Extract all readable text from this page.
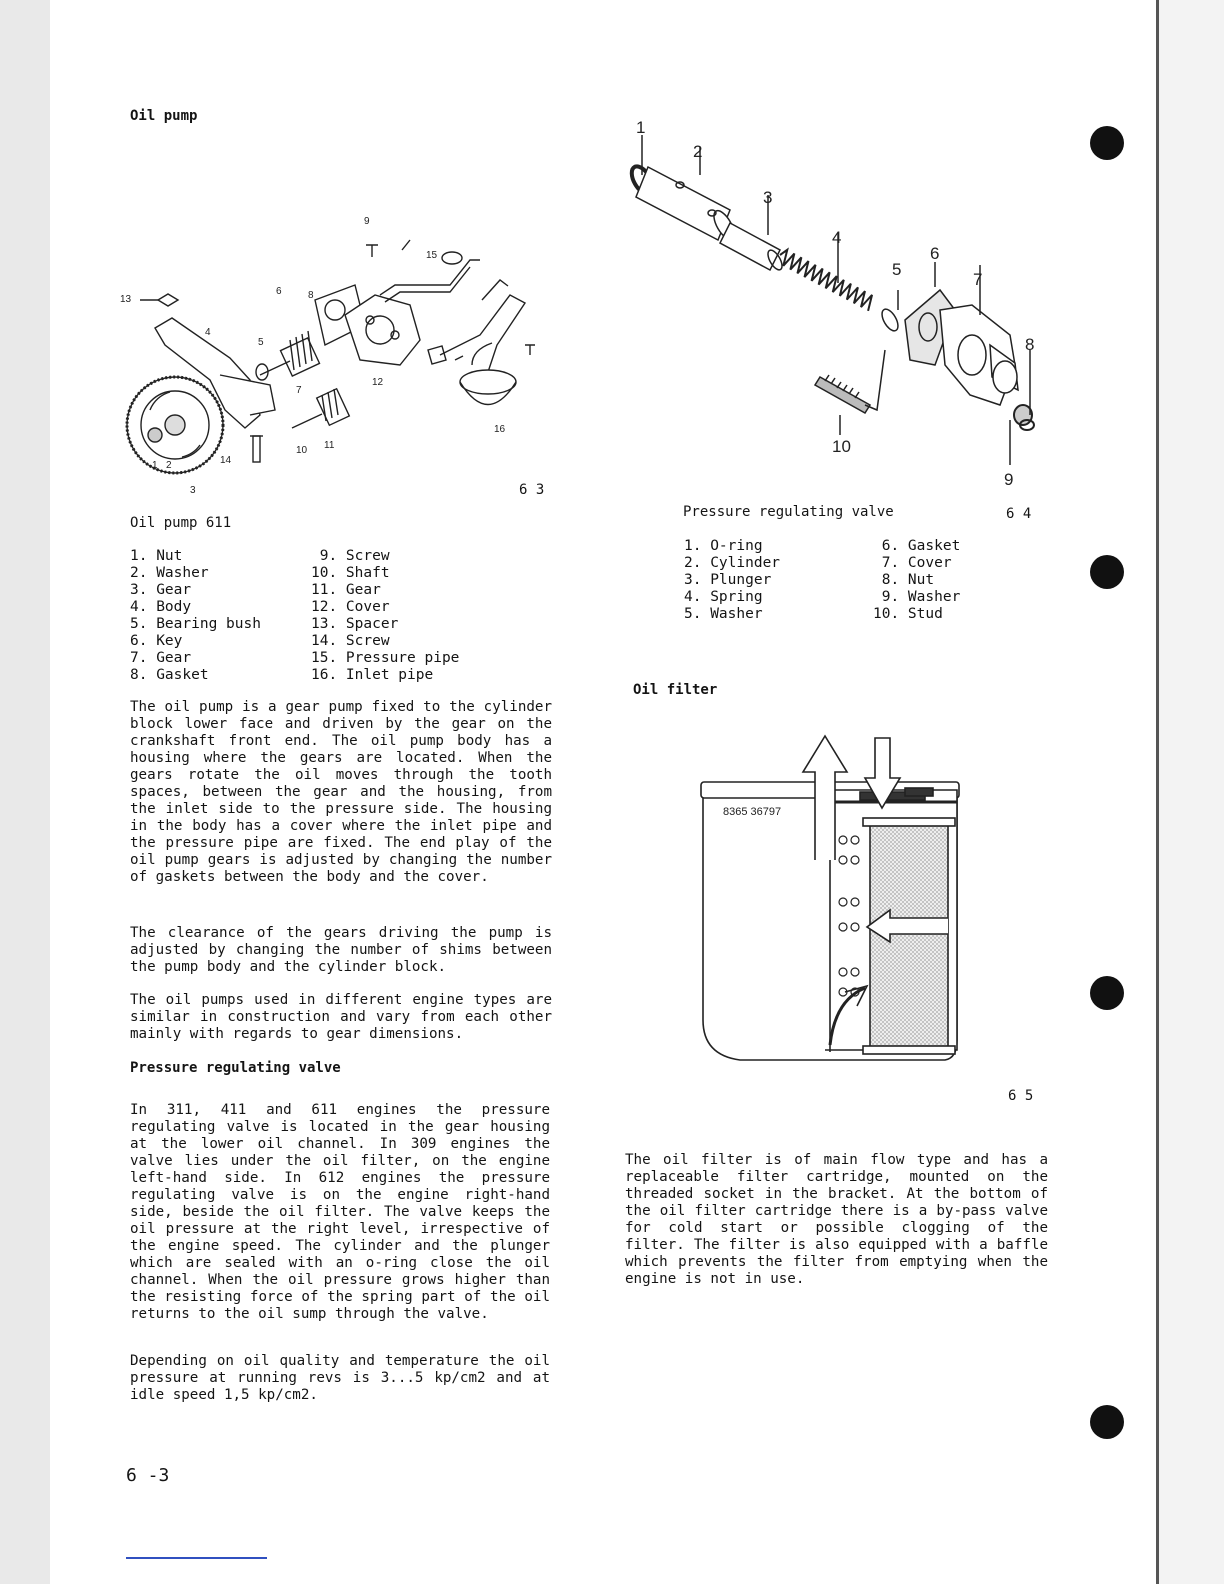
Oil pump
13
1 2
3
4
5
6
7
8
9
10 11
12
14
15
16
6 3
Oil pump 611
1. Nut
2. Washer
3. Gear
4. Body
5. Bearing bush
6. Key
7. Gear
8. Gasket
9. Screw
10. Shaft
11. Gear
12. Cover
13. Spacer
14. Screw
15. Pressure pipe
16. Inlet pipe
The oil pump is a gear pump fixed to the cylinder block lower face and driven by the gear on the crankshaft front end. The oil pump body has a housing where the gears are located. When the gears rotate the oil moves through the tooth spaces, between the gear and the housing, from the inlet side to the pressure side. The housing in the body has a cover where the inlet pipe and the pressure pipe are fixed. The end play of the oil pump gears is adjusted by changing the number of gaskets between the body and the cover.
The clearance of the gears driving the pump is adjusted by changing the number of shims between the pump body and the cylinder block.
The oil pumps used in different engine types are similar in construction and vary from each other mainly with regards to gear dimensions.
Pressure regulating valve
In 311, 411 and 611 engines the pressure regulating valve is located in the gear housing at the lower oil channel. In 309 engines the valve lies under the oil filter, on the engine left-hand side. In 612 engines the pressure regulating valve is on the engine right-hand side, beside the oil filter. The valve keeps the oil pressure at the right level, irrespective of the engine speed. The cylinder and the plunger which are sealed with an o-ring close the oil channel. When the oil pressure grows higher than the resisting force of the spring part of the oil returns to the oil sump through the valve.
Depending on oil quality and temperature the oil pressure at running revs is 3...5 kp/cm2 and at idle speed 1,5 kp/cm2.
6 -3
1
2
3
4
5
6
7
8
9
10
Pressure regulating valve	6 4
1. O-ring
2. Cylinder
3. Plunger
4. Spring
5. Washer
6. Gasket
7. Cover
8. Nut
9. Washer
10. Stud
Oil filter
8365 36797
6 5
The oil filter is of main flow type and has a replaceable filter cartridge, mounted on the threaded socket in the bracket. At the bottom of the oil filter cartridge there is a by-pass valve for cold start or possible clogging of the filter. The filter is also equipped with a baffle which prevents the filter from emptying when the engine is not in use.
